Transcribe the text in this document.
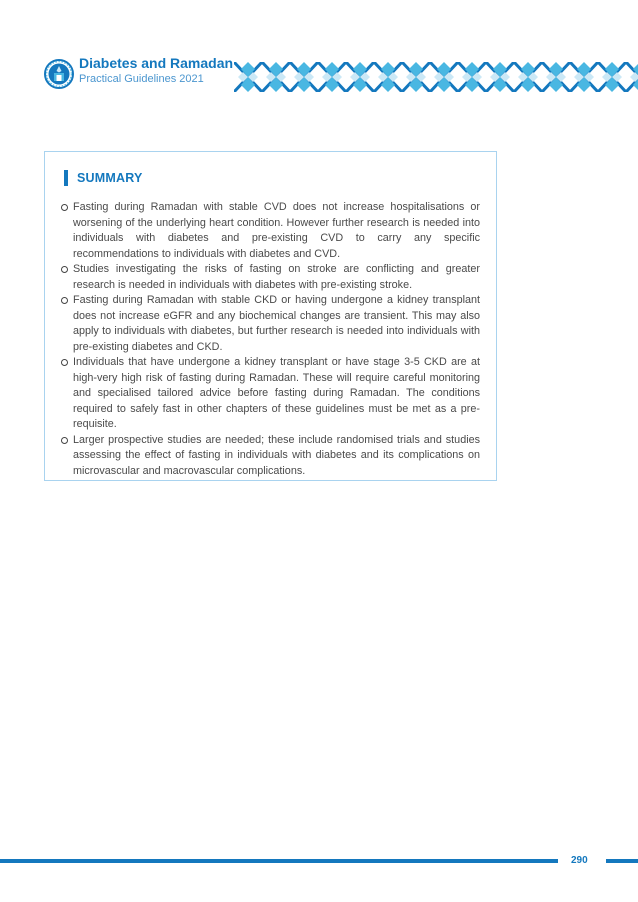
Diabetes and Ramadan
Practical Guidelines 2021
SUMMARY
Fasting during Ramadan with stable CVD does not increase hospitalisations or worsening of the underlying heart condition. However further research is needed into individuals with diabetes and pre-existing CVD to carry any specific recommendations to individuals with diabetes and CVD.
Studies investigating the risks of fasting on stroke are conflicting and greater research is needed in individuals with diabetes with pre-existing stroke.
Fasting during Ramadan with stable CKD or having undergone a kidney transplant does not increase eGFR and any biochemical changes are transient. This may also apply to individuals with diabetes, but further research is needed into individuals with pre-existing diabetes and CKD.
Individuals that have undergone a kidney transplant or have stage 3-5 CKD are at high-very high risk of fasting during Ramadan. These will require careful monitoring and specialised tailored advice before fasting during Ramadan. The conditions required to safely fast in other chapters of these guidelines must be met as a pre-requisite.
Larger prospective studies are needed; these include randomised trials and studies assessing the effect of fasting in individuals with diabetes and its complications on microvascular and macrovascular complications.
290
